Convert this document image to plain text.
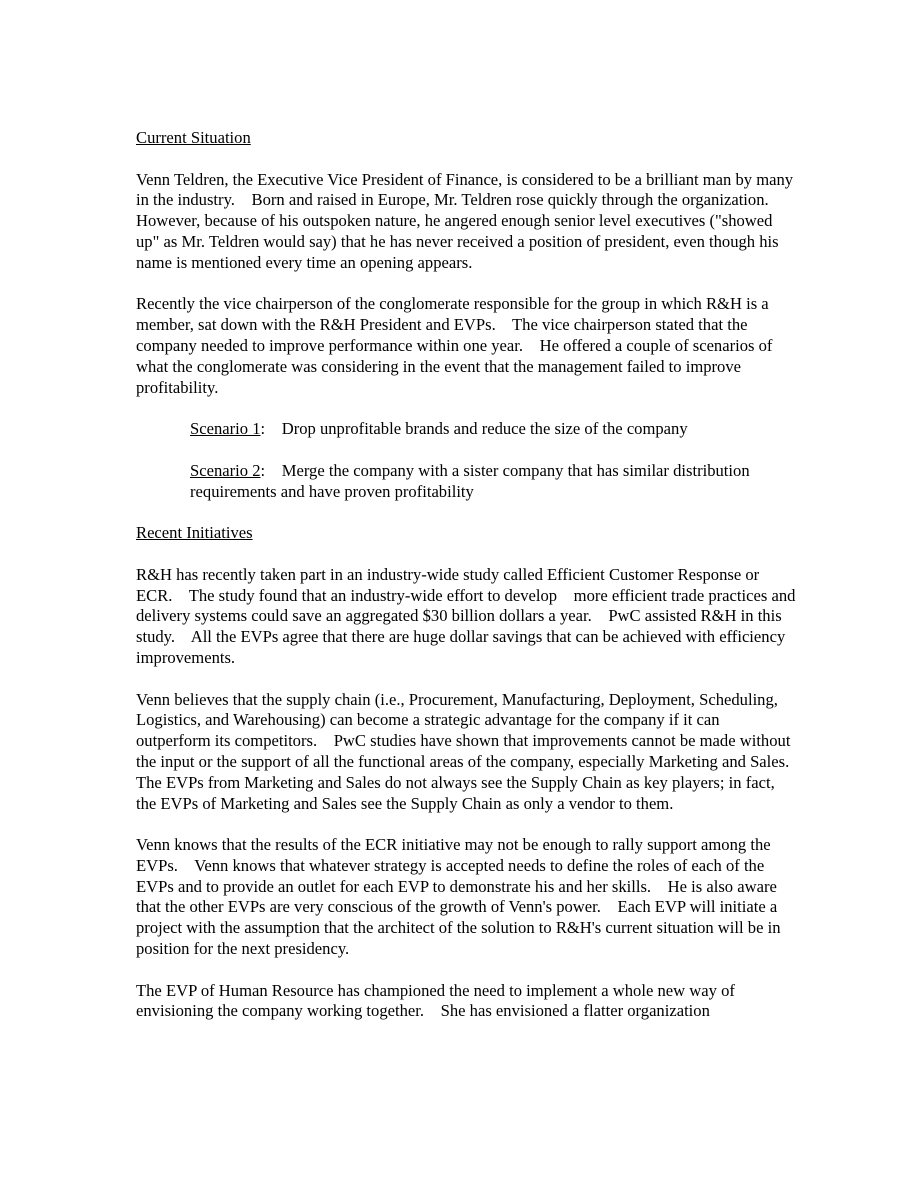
Current Situation

Venn Teldren, the Executive Vice President of Finance, is considered to be a brilliant man by many in the industry.    Born and raised in Europe, Mr. Teldren rose quickly through the organization.    However, because of his outspoken nature, he angered enough senior level executives ("showed up" as Mr. Teldren would say) that he has never received a position of president, even though his name is mentioned every time an opening appears.

Recently the vice chairperson of the conglomerate responsible for the group in which R&H is a member, sat down with the R&H President and EVPs.    The vice chairperson stated that the company needed to improve performance within one year.    He offered a couple of scenarios of what the conglomerate was considering in the event that the management failed to improve profitability.

Scenario 1:    Drop unprofitable brands and reduce the size of the company

Scenario 2:    Merge the company with a sister company that has similar distribution requirements and have proven profitability

Recent Initiatives

R&H has recently taken part in an industry-wide study called Efficient Customer Response or ECR.    The study found that an industry-wide effort to develop    more efficient trade practices and delivery systems could save an aggregated $30 billion dollars a year.    PwC assisted R&H in this study.    All the EVPs agree that there are huge dollar savings that can be achieved with efficiency improvements.

Venn believes that the supply chain (i.e., Procurement, Manufacturing, Deployment, Scheduling, Logistics, and Warehousing) can become a strategic advantage for the company if it can outperform its competitors.    PwC studies have shown that improvements cannot be made without the input or the support of all the functional areas of the company, especially Marketing and Sales.    The EVPs from Marketing and Sales do not always see the Supply Chain as key players; in fact, the EVPs of Marketing and Sales see the Supply Chain as only a vendor to them.

Venn knows that the results of the ECR initiative may not be enough to rally support among the EVPs.    Venn knows that whatever strategy is accepted needs to define the roles of each of the EVPs and to provide an outlet for each EVP to demonstrate his and her skills.    He is also aware that the other EVPs are very conscious of the growth of Venn's power.    Each EVP will initiate a project with the assumption that the architect of the solution to R&H's current situation will be in position for the next presidency.

The EVP of Human Resource has championed the need to implement a whole new way of envisioning the company working together.    She has envisioned a flatter organization
